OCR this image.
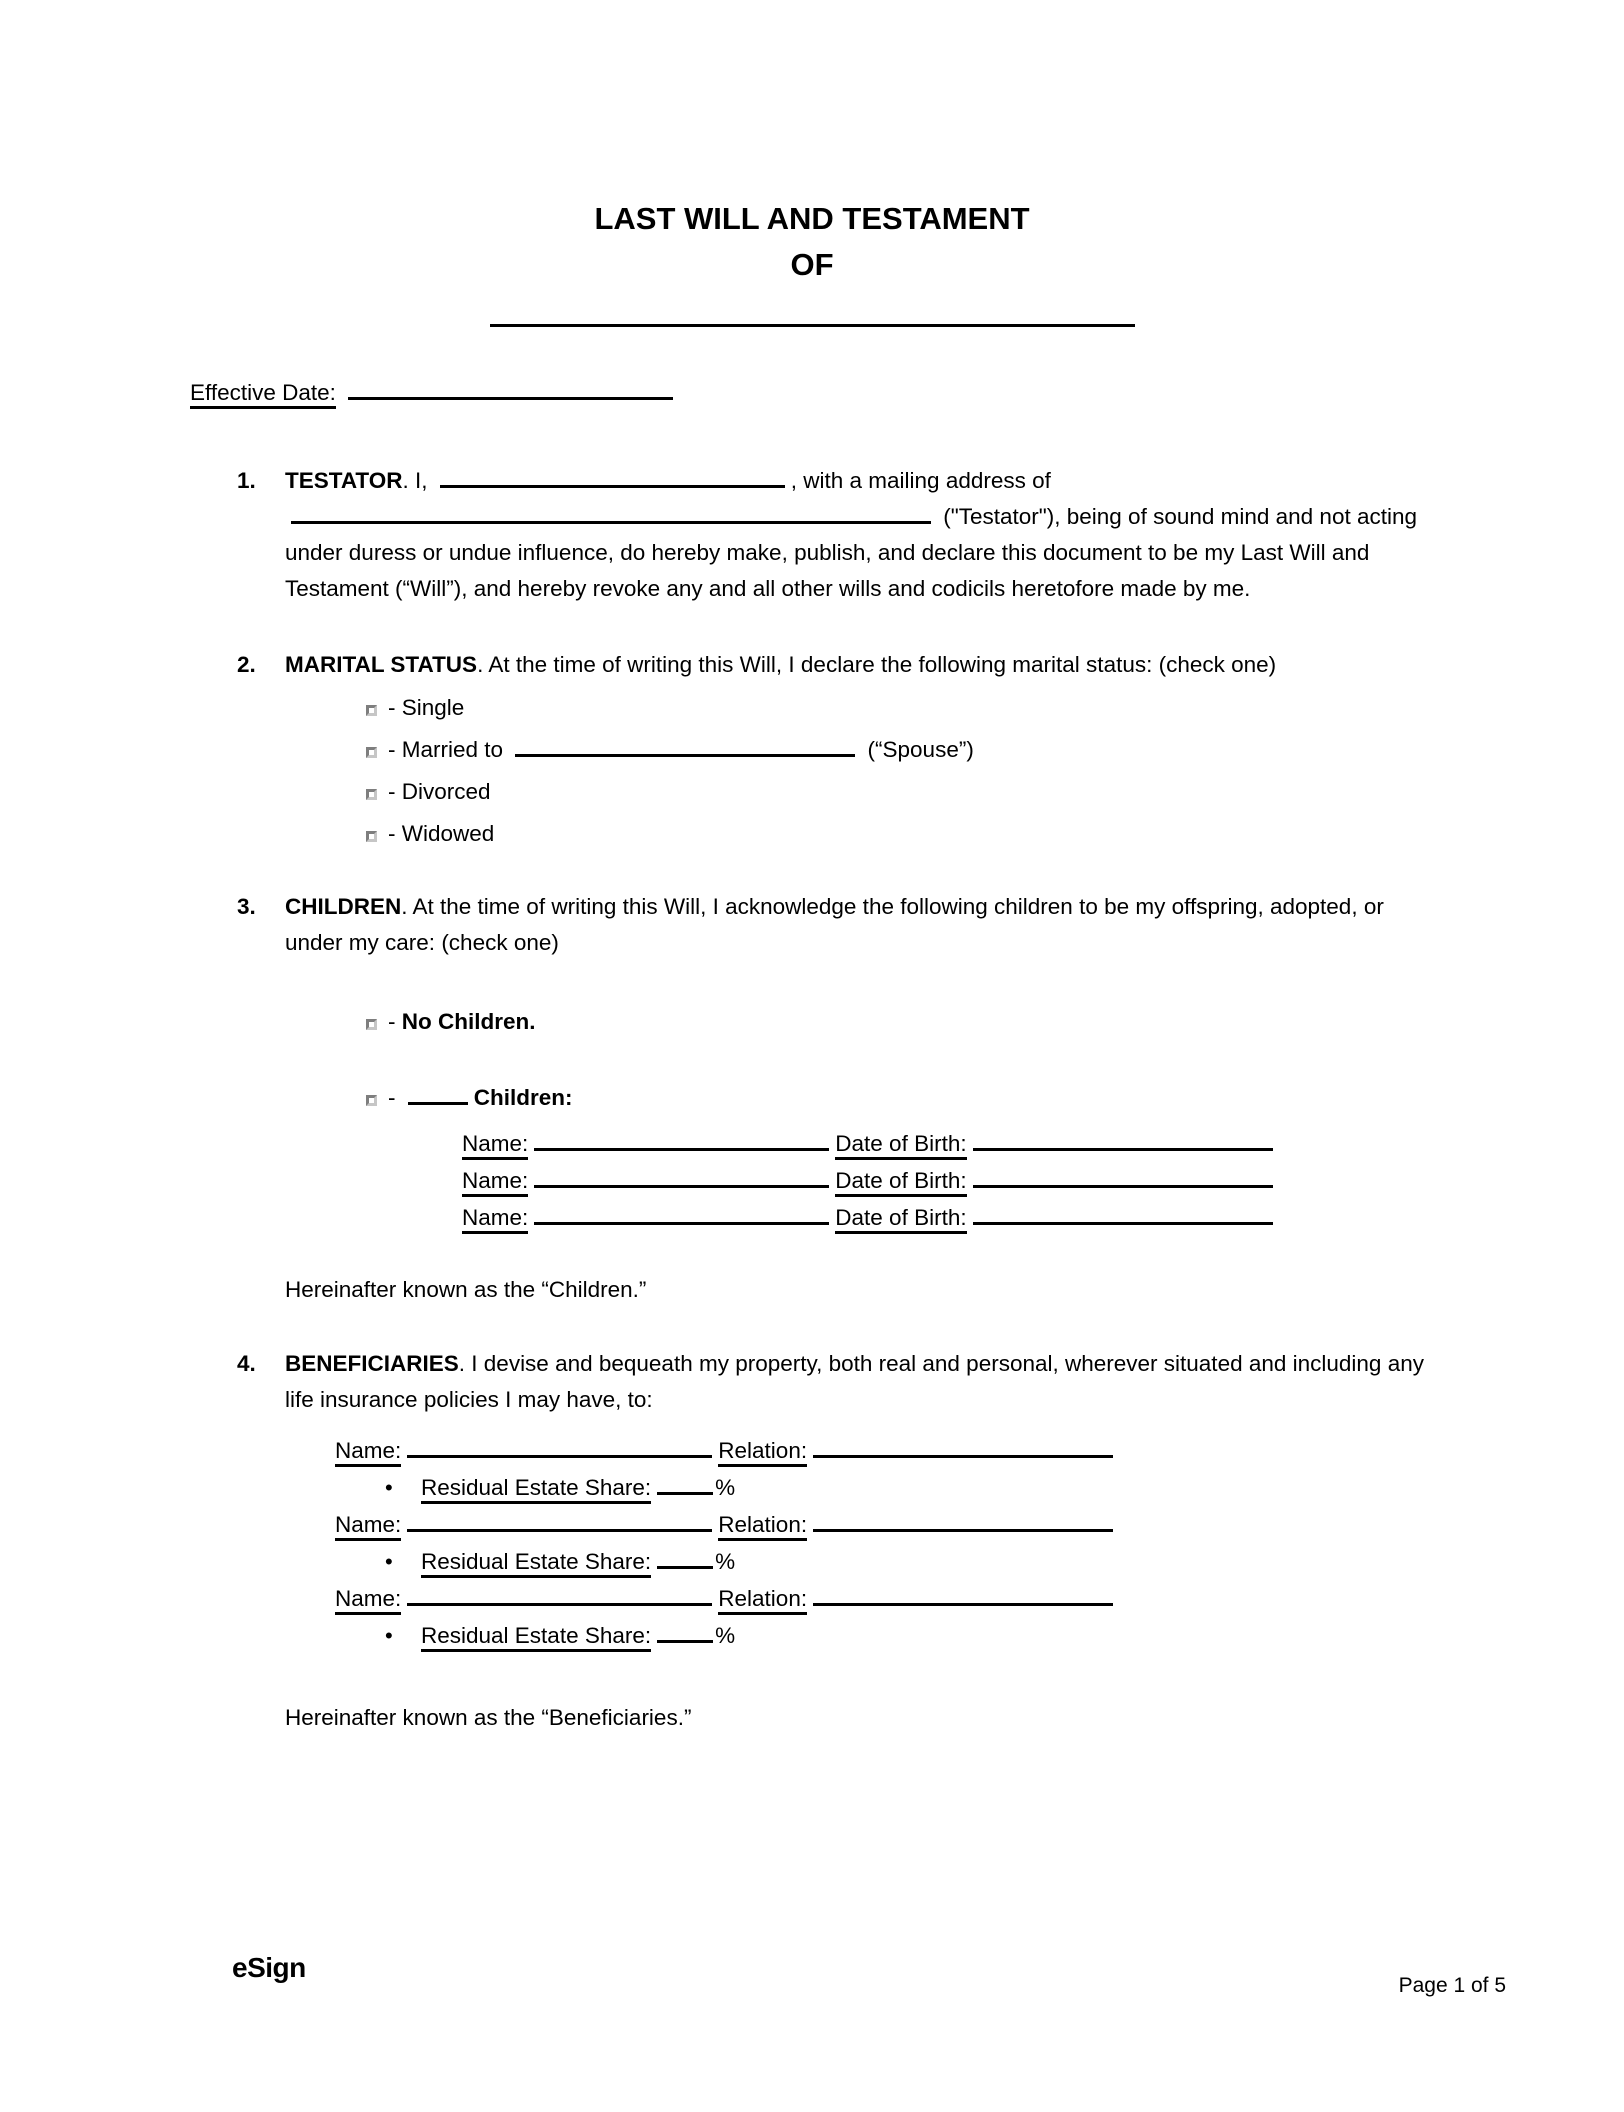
LAST WILL AND TESTAMENT
OF
Effective Date:
1.	TESTATOR. I,	, with a mailing address of  ("Testator"), being of sound mind and not acting under duress or undue influence, do hereby make, publish, and declare this document to be my Last Will and Testament (“Will”), and hereby revoke any and all other wills and codicils heretofore made by me.
2.	MARITAL STATUS. At the time of writing this Will, I declare the following marital status: (check one)
- Single
- Married to	(“Spouse”)
- Divorced
- Widowed
3.	CHILDREN. At the time of writing this Will, I acknowledge the following children to be my offspring, adopted, or under my care: (check one)
- No Children.
-	Children:
Name:	Date of Birth:
Name:	Date of Birth:
Name:	Date of Birth:
Hereinafter known as the “Children.”
4.	BENEFICIARIES. I devise and bequeath my property, both real and personal, wherever situated and including any life insurance policies I may have, to:
Name:	Relation:
• Residual Estate Share:	%
Name:	Relation:
• Residual Estate Share:	%
Name:	Relation:
• Residual Estate Share:	%
Hereinafter known as the “Beneficiaries.”
eSign
Page 1 of 5
